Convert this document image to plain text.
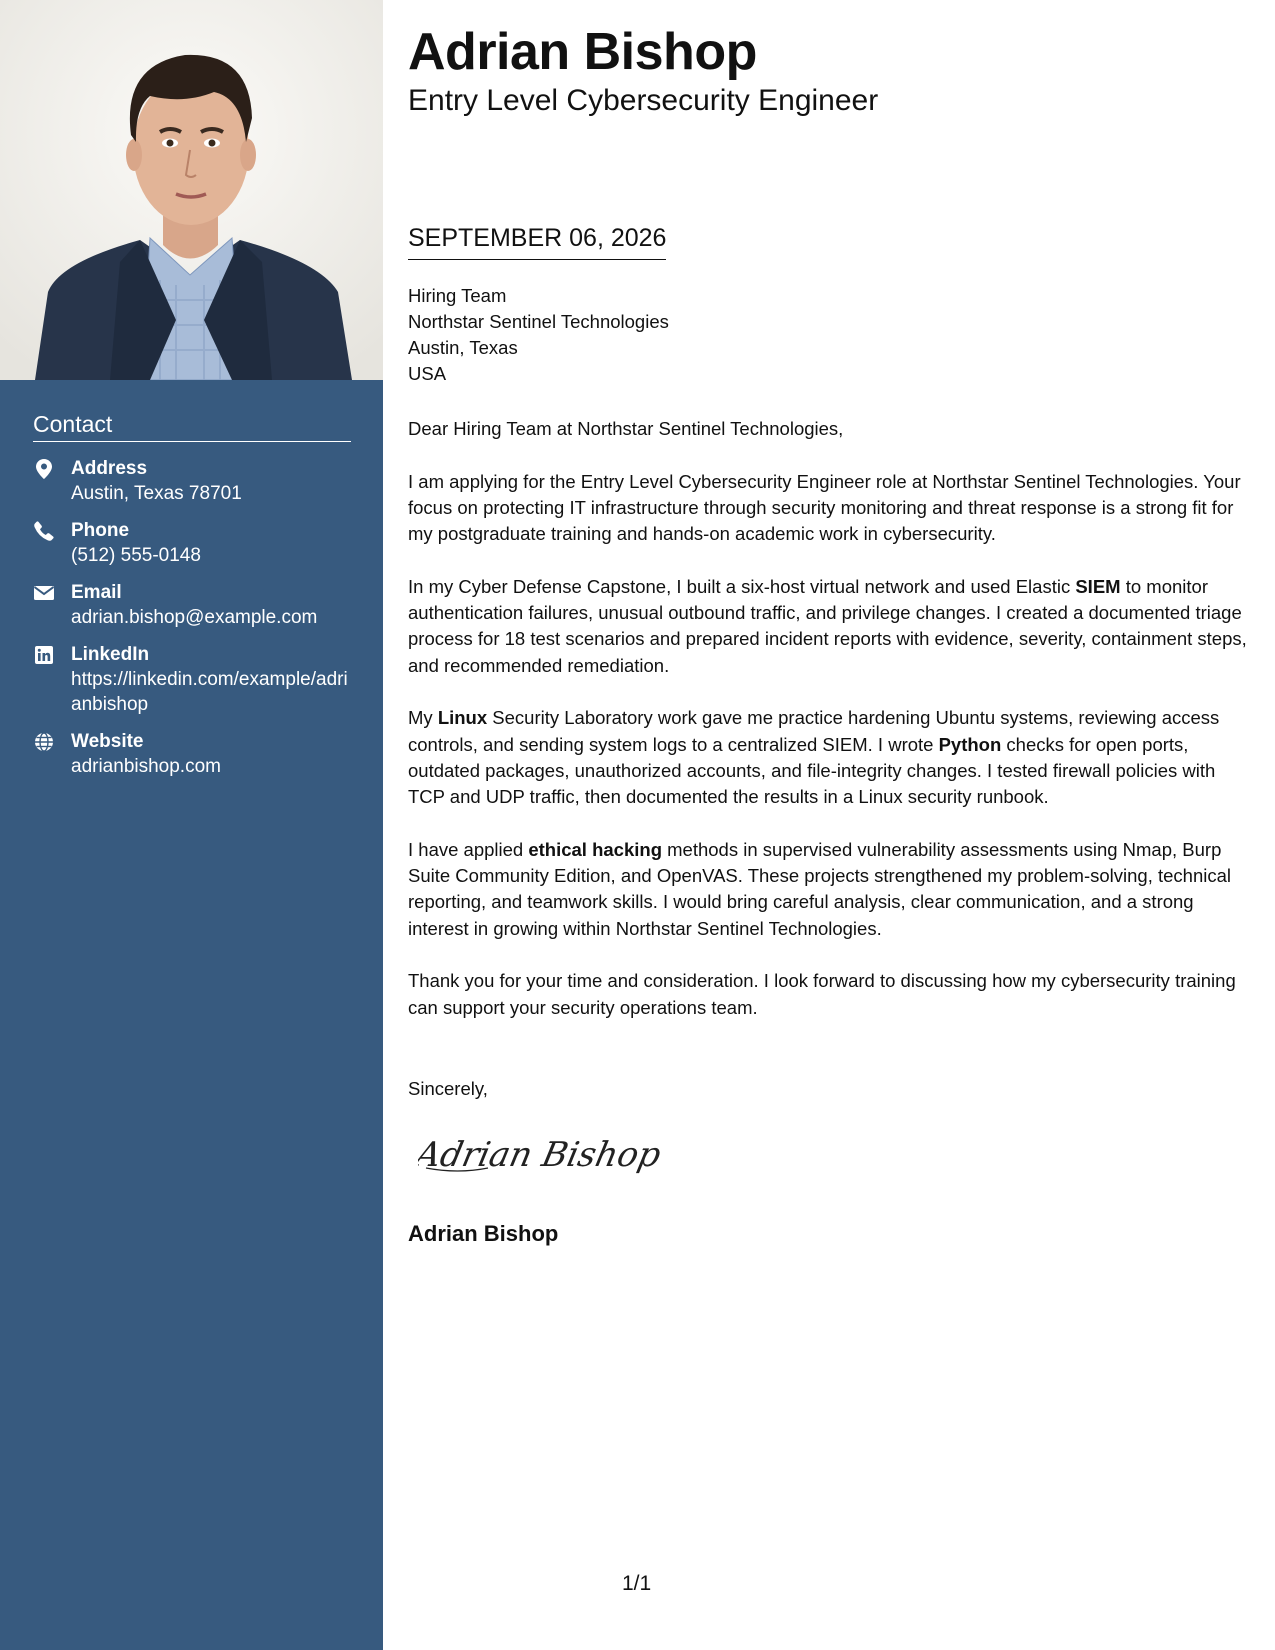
Contact
Address
Austin, Texas 78701
Phone
(512) 555-0148
Email
adrian.bishop@example.com
LinkedIn
https://linkedin.com/example/adrianbishop
Website
adrianbishop.com
Adrian Bishop
Entry Level Cybersecurity Engineer
SEPTEMBER 06, 2026
Hiring Team
Northstar Sentinel Technologies
Austin, Texas
USA

Dear Hiring Team at Northstar Sentinel Technologies,

I am applying for the Entry Level Cybersecurity Engineer role at Northstar Sentinel Technologies. Your focus on protecting IT infrastructure through security monitoring and threat response is a strong fit for my postgraduate training and hands-on academic work in cybersecurity.

In my Cyber Defense Capstone, I built a six-host virtual network and used Elastic SIEM to monitor authentication failures, unusual outbound traffic, and privilege changes. I created a documented triage process for 18 test scenarios and prepared incident reports with evidence, severity, containment steps, and recommended remediation.

My Linux Security Laboratory work gave me practice hardening Ubuntu systems, reviewing access controls, and sending system logs to a centralized SIEM. I wrote Python checks for open ports, outdated packages, unauthorized accounts, and file-integrity changes. I tested firewall policies with TCP and UDP traffic, then documented the results in a Linux security runbook.

I have applied ethical hacking methods in supervised vulnerability assessments using Nmap, Burp Suite Community Edition, and OpenVAS. These projects strengthened my problem-solving, technical reporting, and teamwork skills. I would bring careful analysis, clear communication, and a strong interest in growing within Northstar Sentinel Technologies.

Thank you for your time and consideration. I look forward to discussing how my cybersecurity training can support your security operations team.

Sincerely,
Adrian Bishop
Adrian Bishop
1/1
